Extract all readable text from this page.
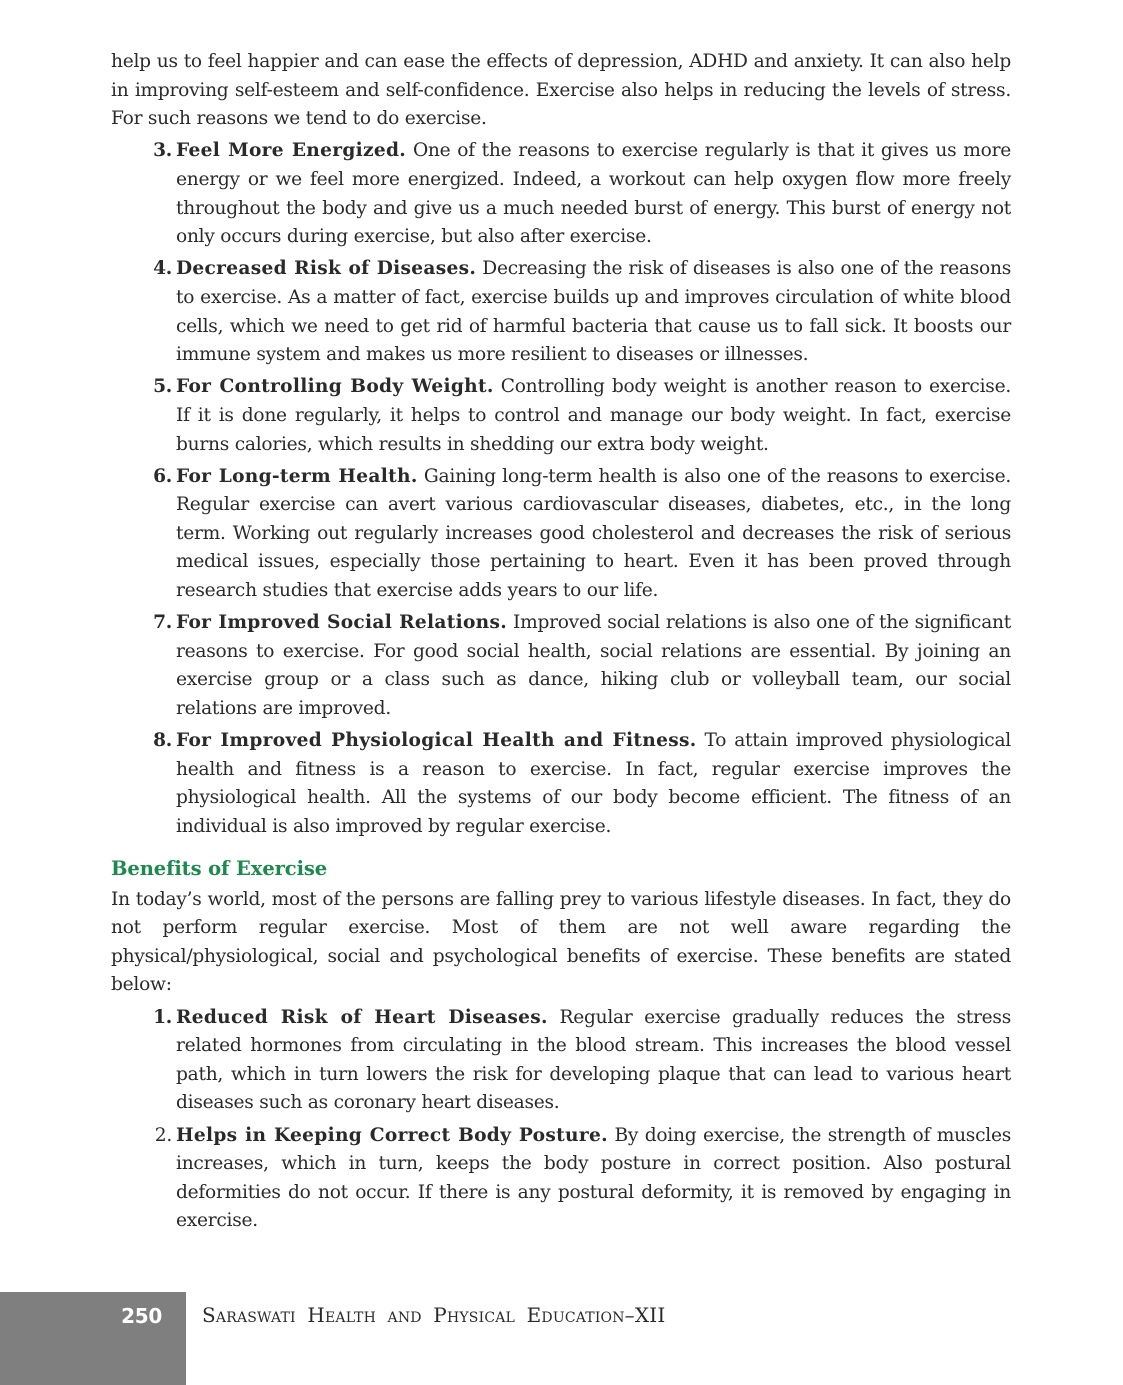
help us to feel happier and can ease the effects of depression, ADHD and anxiety. It can also help in improving self-esteem and self-confidence. Exercise also helps in reducing the levels of stress. For such reasons we tend to do exercise.

3. Feel More Energized. One of the reasons to exercise regularly is that it gives us more energy or we feel more energized. Indeed, a workout can help oxygen flow more freely throughout the body and give us a much needed burst of energy. This burst of energy not only occurs during exercise, but also after exercise.
4. Decreased Risk of Diseases. Decreasing the risk of diseases is also one of the reasons to exercise. As a matter of fact, exercise builds up and improves circulation of white blood cells, which we need to get rid of harmful bacteria that cause us to fall sick. It boosts our immune system and makes us more resilient to diseases or illnesses.
5. For Controlling Body Weight. Controlling body weight is another reason to exercise. If it is done regularly, it helps to control and manage our body weight. In fact, exercise burns calories, which results in shedding our extra body weight.
6. For Long-term Health. Gaining long-term health is also one of the reasons to exercise. Regular exercise can avert various cardiovascular diseases, diabetes, etc., in the long term. Working out regularly increases good cholesterol and decreases the risk of serious medical issues, especially those pertaining to heart. Even it has been proved through research studies that exercise adds years to our life.
7. For Improved Social Relations. Improved social relations is also one of the significant reasons to exercise. For good social health, social relations are essential. By joining an exercise group or a class such as dance, hiking club or volleyball team, our social relations are improved.
8. For Improved Physiological Health and Fitness. To attain improved physiological health and fitness is a reason to exercise. In fact, regular exercise improves the physiological health. All the systems of our body become efficient. The fitness of an individual is also improved by regular exercise.
Benefits of Exercise

In today’s world, most of the persons are falling prey to various lifestyle diseases. In fact, they do not perform regular exercise. Most of them are not well aware regarding the physical/physiological, social and psychological benefits of exercise. These benefits are stated below:

1. Reduced Risk of Heart Diseases. Regular exercise gradually reduces the stress related hormones from circulating in the blood stream. This increases the blood vessel path, which in turn lowers the risk for developing plaque that can lead to various heart diseases such as coronary heart diseases.
2. Helps in Keeping Correct Body Posture. By doing exercise, the strength of muscles increases, which in turn, keeps the body posture in correct position. Also postural deformities do not occur. If there is any postural deformity, it is removed by engaging in exercise.
250 Saraswati Health and Physical Education–XII
